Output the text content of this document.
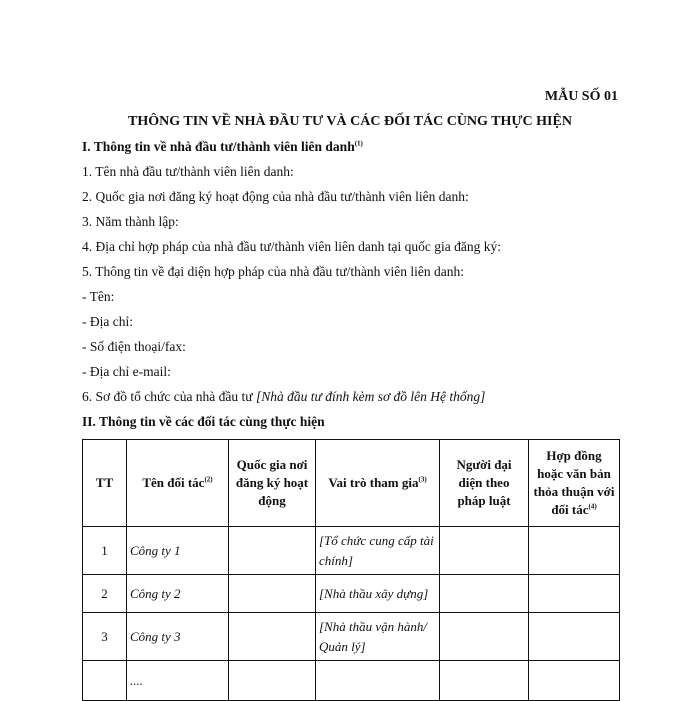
MẪU SỐ 01
THÔNG TIN VỀ NHÀ ĐẦU TƯ VÀ CÁC ĐỐI TÁC CÙNG THỰC HIỆN
I. Thông tin về nhà đầu tư/thành viên liên danh$^{(1)}$
1. Tên nhà đầu tư/thành viên liên danh:
2. Quốc gia nơi đăng ký hoạt động của nhà đầu tư/thành viên liên danh:
3. Năm thành lập:
4. Địa chỉ hợp pháp của nhà đầu tư/thành viên liên danh tại quốc gia đăng ký:
5. Thông tin về đại diện hợp pháp của nhà đầu tư/thành viên liên danh:
- Tên:
- Địa chỉ:
- Số điện thoại/fax:
- Địa chỉ e-mail:
6. Sơ đồ tổ chức của nhà đầu tư [Nhà đầu tư đính kèm sơ đồ lên Hệ thống]
II. Thông tin về các đối tác cùng thực hiện
TT	Tên đối tác$^{(2)}$	Quốc gia nơi đăng ký hoạt động	Vai trò tham gia$^{(3)}$	Người đại diện theo pháp luật	Hợp đồng hoặc văn bản thỏa thuận với đối tác$^{(4)}$
1	Công ty 1		[Tổ chức cung cấp tài chính]		
2	Công ty 2		[Nhà thầu xây dựng]		
3	Công ty 3		[Nhà thầu vận hành/ Quản lý]		
	....				
